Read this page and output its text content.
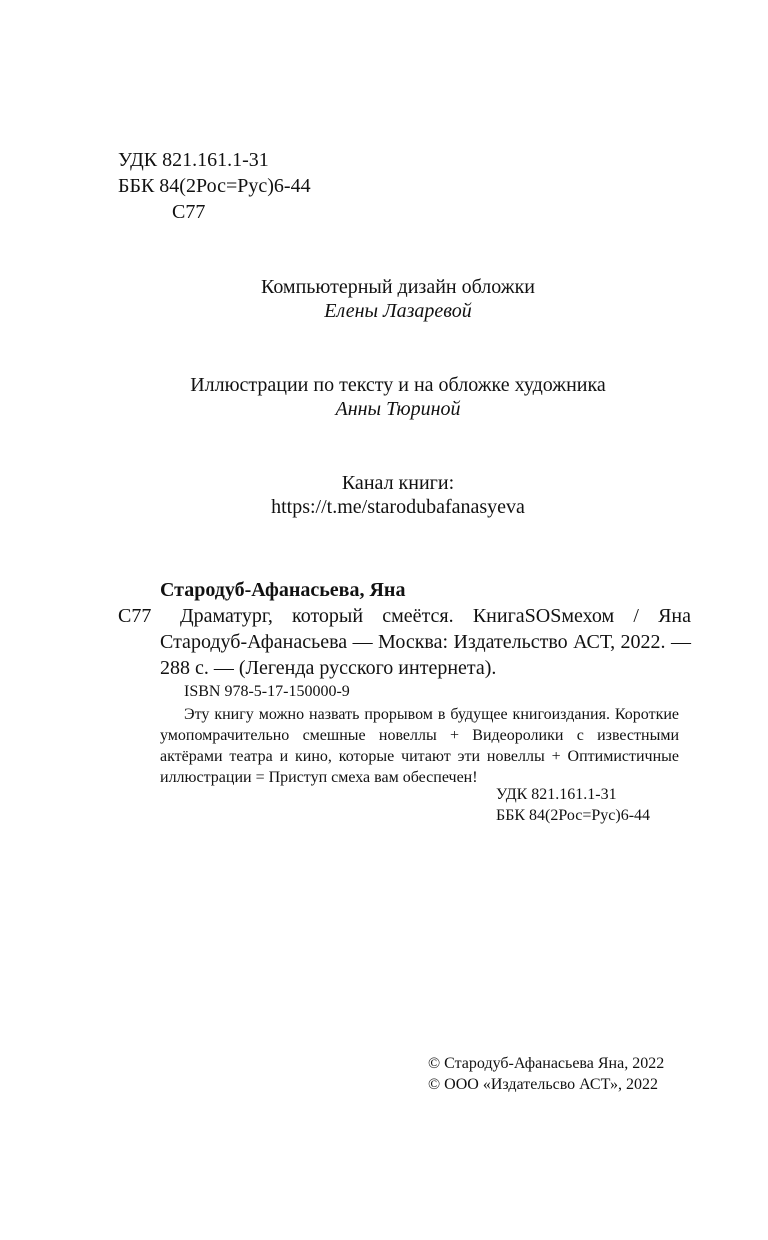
УДК 821.161.1-31
ББК 84(2Рос=Рус)6-44
С77
Компьютерный дизайн обложки
Елены Лазаревой
Иллюстрации по тексту и на обложке художника
Анны Тюриной
Канал книги:
https://t.me/starodubafanasyeva
Стародуб-Афанасьева, Яна
С77	Драматург, который смеётся. КнигаSOSмехом / Яна Стародуб-Афанасьева — Москва: Издательство АСТ, 2022. — 288 с. — (Легенда русского интернета).

ISBN 978-5-17-150000-9

Эту книгу можно назвать прорывом в будущее книгоиздания. Короткие умопомрачительно смешные новеллы + Видеоролики с известными актёрами театра и кино, которые читают эти новеллы + Оптимистичные иллюстрации = Приступ смеха вам обеспечен!

УДК 821.161.1-31
ББК 84(2Рос=Рус)6-44
© Стародуб-Афанасьева Яна, 2022
© ООО «Издательсво АСТ», 2022
